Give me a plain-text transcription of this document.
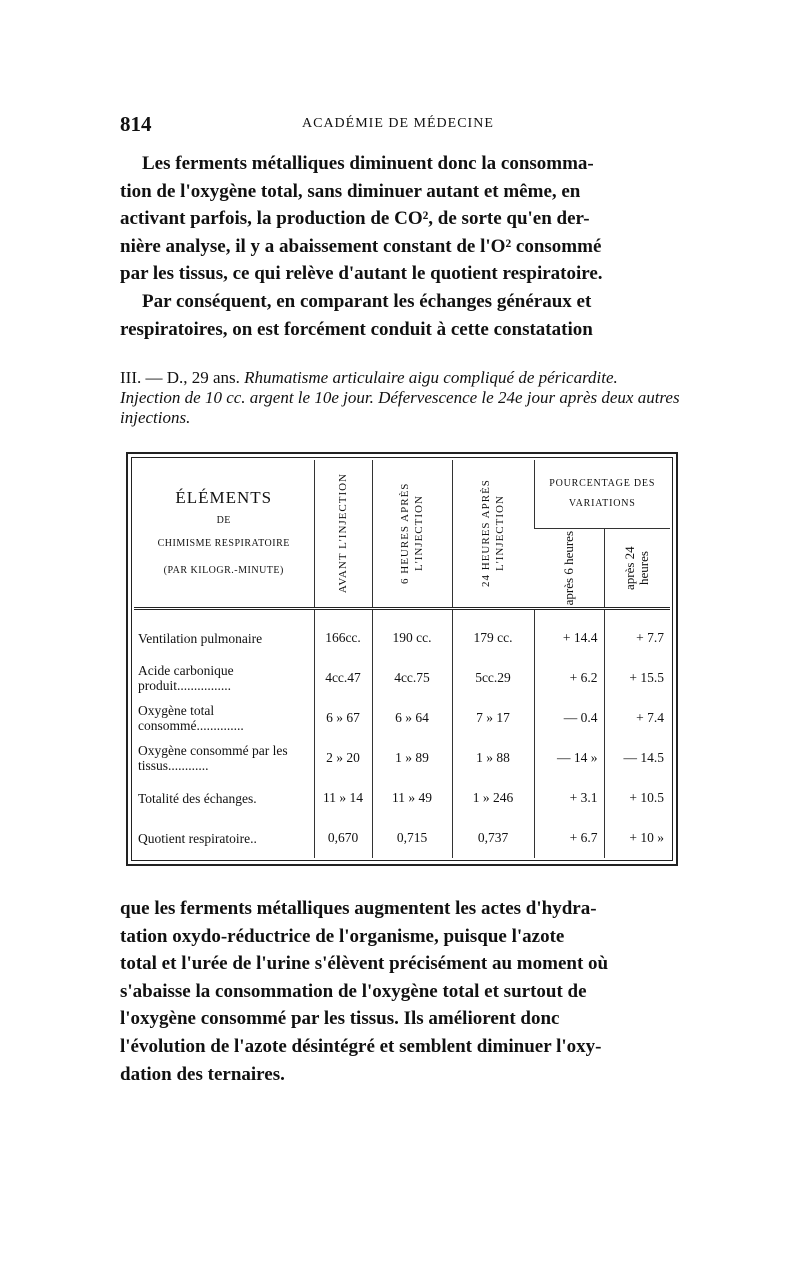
814	ACADÉMIE DE MÉDECINE
Les ferments métalliques diminuent donc la consomma-
tion de l'oxygène total, sans diminuer autant et même, en
activant parfois, la production de CO², de sorte qu'en der-
nière analyse, il y a abaissement constant de l'O² consommé
par les tissus, ce qui relève d'autant le quotient respiratoire.
Par conséquent, en comparant les échanges généraux et
respiratoires, on est forcément conduit à cette constatation
III. — D., 29 ans. Rhumatisme articulaire aigu compliqué de péricardite. Injection de 10 cc. argent le 10e jour. Défervescence le 24e jour après deux autres injections.
ÉLÉMENTS
DE
CHIMISME RESPIRATOIRE
(PAR KILOGR.-MINUTE)	AVANT L'INJECTION	6 HEURES APRÈS L'INJECTION	24 HEURES APRÈS L'INJECTION	POURCENTAGE DES VARIATIONS	

				après 6 heures	après 24 heures

Ventilation pulmonaire	166cc.	190 cc.	179 cc.	+ 14.4	+ 7.7
Acide carbonique produit................	4cc.47	4cc.75	5cc.29	+ 6.2	+ 15.5
Oxygène total consommé..............	6 » 67	6 » 64	7 » 17	— 0.4	+ 7.4
Oxygène consommé par les tissus............	2 » 20	1 » 89	1 » 88	— 14 »	— 14.5
Totalité des échanges.	11 » 14	11 » 49	1 » 246	+ 3.1	+ 10.5
Quotient respiratoire..	0,670	0,715	0,737	+ 6.7	+ 10 »
que les ferments métalliques augmentent les actes d'hydra-
tation oxydo-réductrice de l'organisme, puisque l'azote
total et l'urée de l'urine s'élèvent précisément au moment où
s'abaisse la consommation de l'oxygène total et surtout de
l'oxygène consommé par les tissus. Ils améliorent donc
l'évolution de l'azote désintégré et semblent diminuer l'oxy-
dation des ternaires.
